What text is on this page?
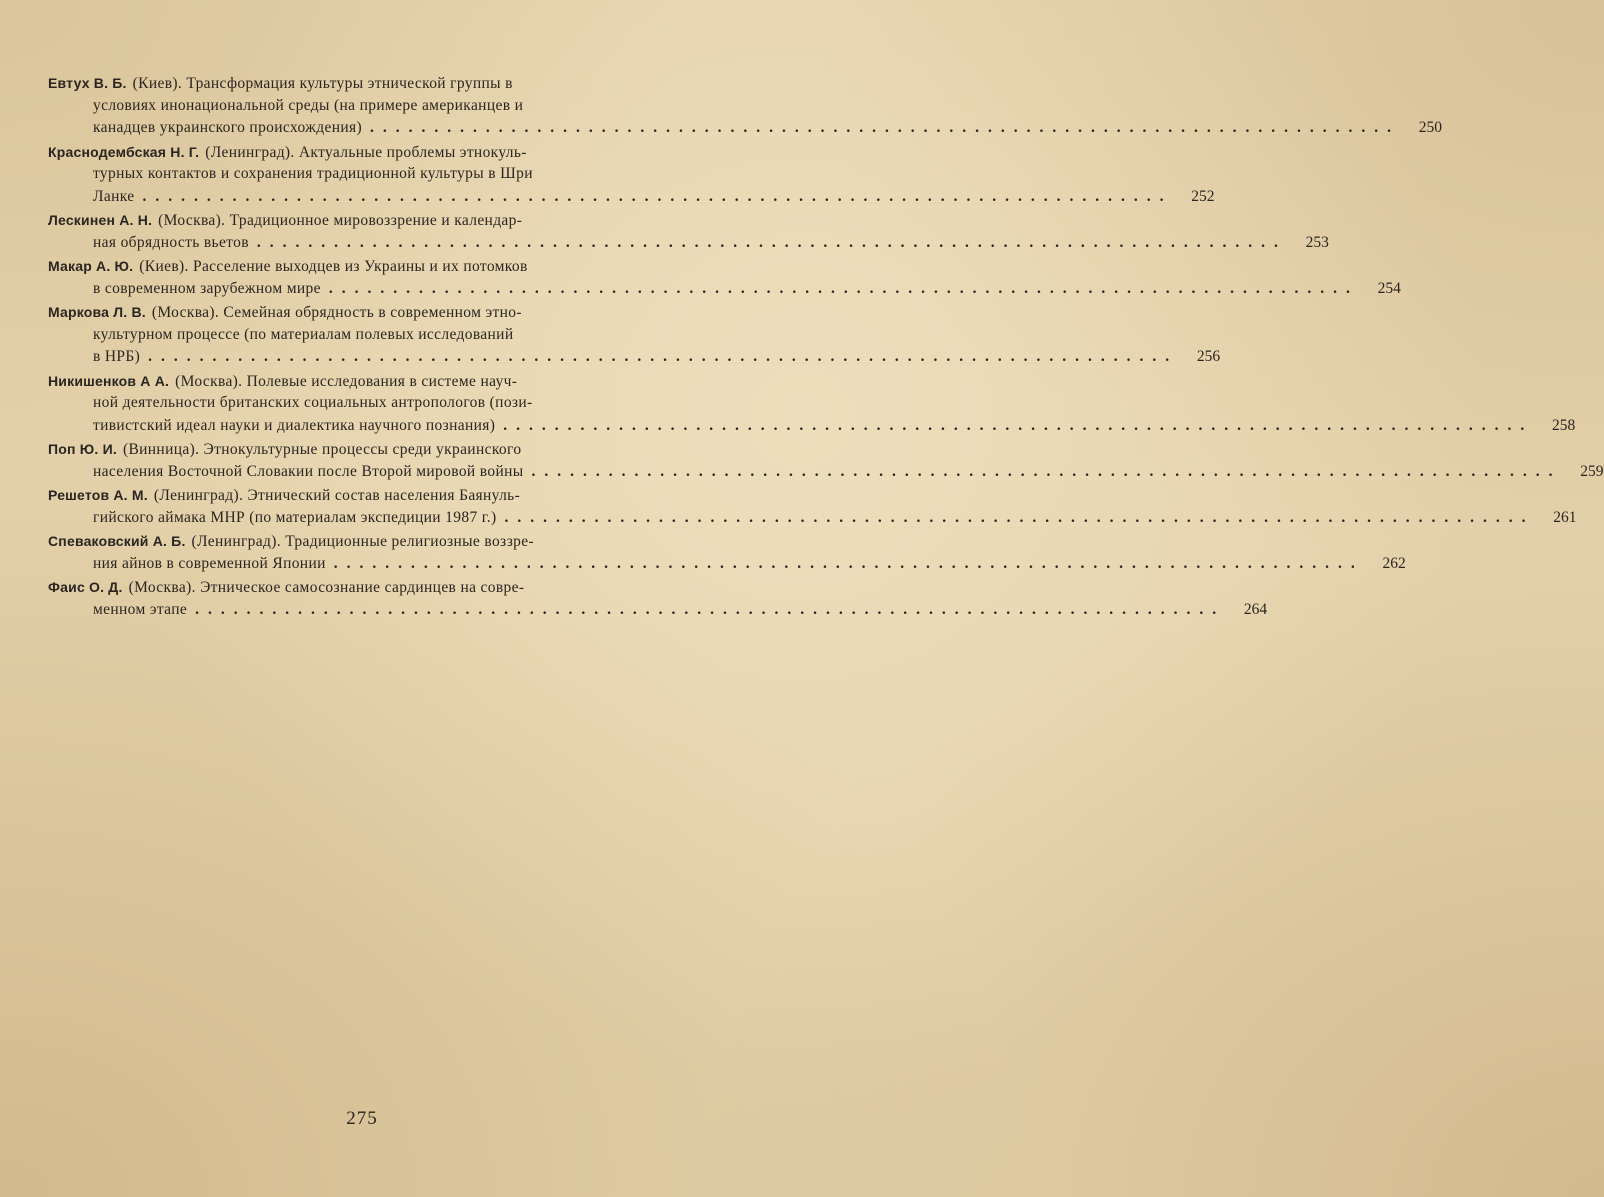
Евтух В. Б. (Киев). Трансформация культуры этнической группы в
условиях инонациональной среды (на примере американцев и
канадцев украинского происхождения) ................................................................................	250
Краснодембская Н. Г. (Ленинград). Актуальные проблемы этнокуль-
турных контактов и сохранения традиционной культуры в Шри
Ланке ................................................................................	252
Лескинен А. Н. (Москва). Традиционное мировоззрение и календар-
ная обрядность вьетов ................................................................................	253
Макар А. Ю. (Киев). Расселение выходцев из Украины и их потомков
в современном зарубежном мире ................................................................................	254
Маркова Л. В. (Москва). Семейная обрядность в современном этно-
культурном процессе (по материалам полевых исследований
в НРБ) ................................................................................	256
Никишенков А А. (Москва). Полевые исследования в системе науч-
ной деятельности британских социальных антропологов (пози-
тивистский идеал науки и диалектика научного познания) ................................................................................	258
Поп Ю. И. (Винница). Этнокультурные процессы среди украинского
населения Восточной Словакии после Второй мировой войны ................................................................................	259
Решетов А. М. (Ленинград). Этнический состав населения Баянуль-
гийского аймака МНР (по материалам экспедиции 1987 г.) ................................................................................	261
Спеваковский А. Б. (Ленинград). Традиционные религиозные воззре-
ния айнов в современной Японии ................................................................................	262
Фаис О. Д. (Москва). Этническое самосознание сардинцев на совре-
менном этапе ................................................................................	264
275
